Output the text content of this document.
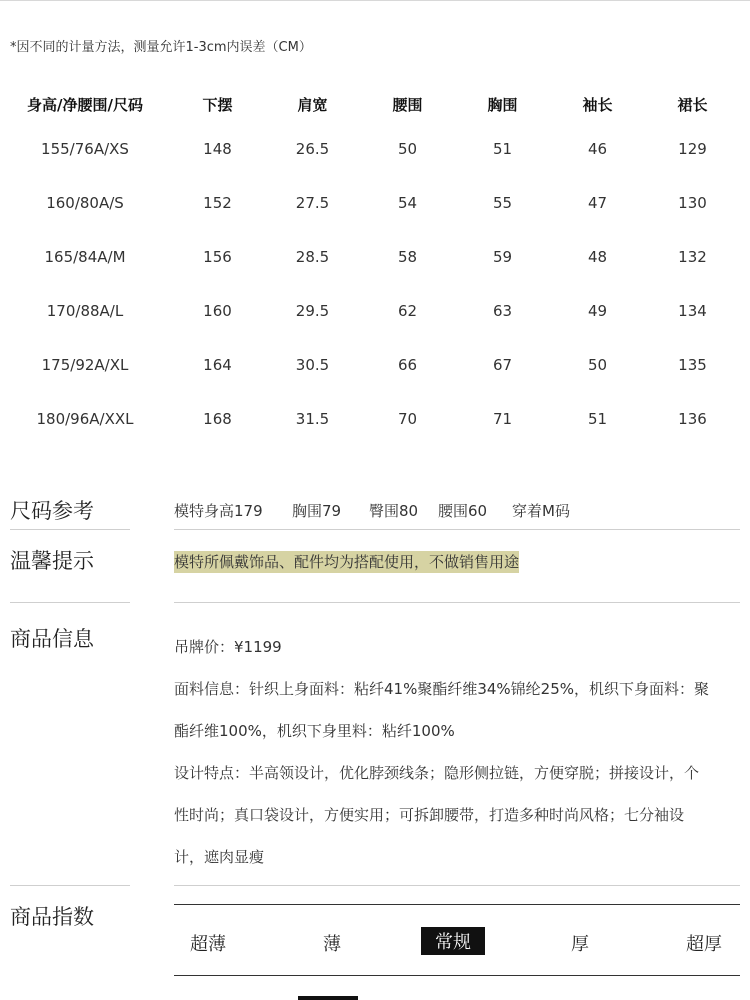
*因不同的计量方法，测量允许1-3cm内误差（CM）
身高/净腰围/尺码	下摆	肩宽	腰围	胸围	袖长	裙长
155/76A/XS	148	26.5	50	51	46	129
160/80A/S	152	27.5	54	55	47	130
165/84A/M	156	28.5	58	59	48	132
170/88A/L	160	29.5	62	63	49	134
175/92A/XL	164	30.5	66	67	50	135
180/96A/XXL	168	31.5	70	71	51	136
尺码参考	模特身高179 胸围79 臀围80 腰围60 穿着M码
温馨提示	模特所佩戴饰品、配件均为搭配使用，不做销售用途
商品信息	吊牌价：¥1199
面料信息：针织上身面料：粘纤41%聚酯纤维34%锦纶25%，机织下身面料：聚
酯纤维100%，机织下身里料：粘纤100%
设计特点：半高领设计，优化脖颈线条；隐形侧拉链，方便穿脱；拼接设计，个
性时尚；真口袋设计，方便实用；可拆卸腰带，打造多种时尚风格；七分袖设
计，遮肉显瘦
商品指数
超薄	薄	常规	厚	超厚
